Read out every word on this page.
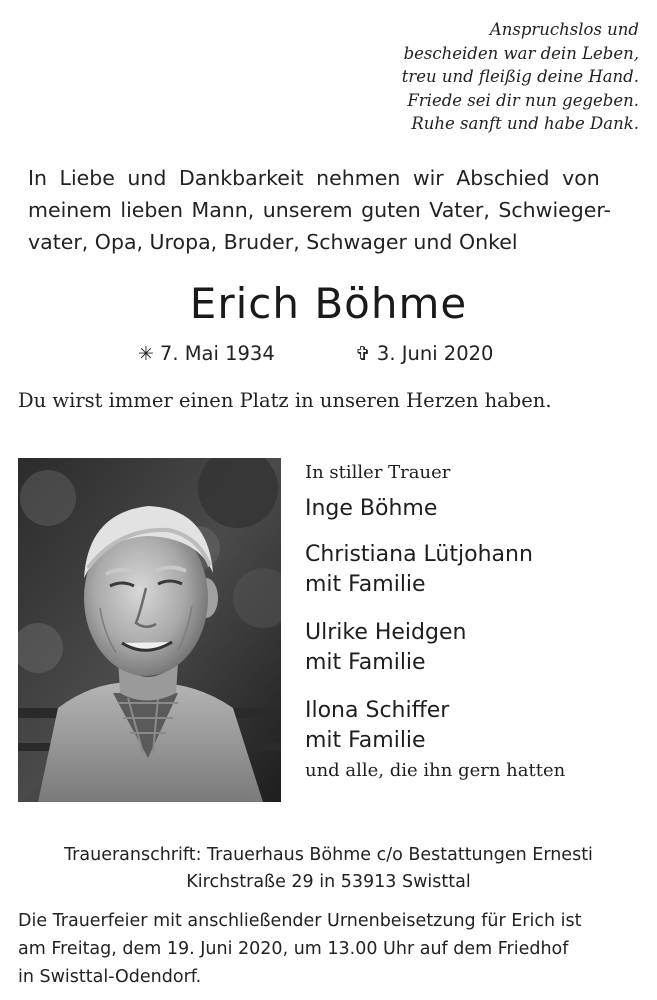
Anspruchslos und
bescheiden war dein Leben,
treu und fleißig deine Hand.
Friede sei dir nun gegeben.
Ruhe sanft und habe Dank.
In Liebe und Dankbarkeit nehmen wir Abschied von
meinem lieben Mann, unserem guten Vater, Schwieger-
vater, Opa, Uropa, Bruder, Schwager und Onkel
Erich Böhme
✳ 7. Mai 1934	✞ 3. Juni 2020
Du wirst immer einen Platz in unseren Herzen haben.
In stiller Trauer
Inge Böhme
Christiana Lütjohann
mit Familie
Ulrike Heidgen
mit Familie
Ilona Schiffer
mit Familie
und alle, die ihn gern hatten
Traueranschrift: Trauerhaus Böhme c/o Bestattungen Ernesti
Kirchstraße 29 in 53913 Swisttal
Die Trauerfeier mit anschließender Urnenbeisetzung für Erich ist
am Freitag, dem 19. Juni 2020, um 13.00 Uhr auf dem Friedhof
in Swisttal-Odendorf.
